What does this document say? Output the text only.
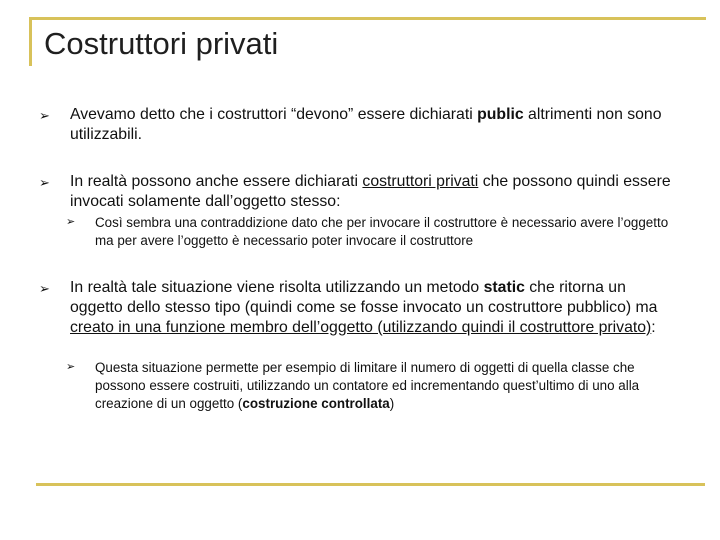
Costruttori privati
➢ Avevamo detto che i costruttori “devono” essere dichiarati public altrimenti non sono utilizzabili.
➢ In realtà possono anche essere dichiarati costruttori privati che possono quindi essere invocati solamente dall’oggetto stesso:
➢ Così sembra una contraddizione dato che per invocare il costruttore è necessario avere l’oggetto ma per avere l’oggetto è necessario poter invocare il costruttore
➢ In realtà tale situazione viene risolta utilizzando un metodo static che ritorna un oggetto dello stesso tipo (quindi come se fosse invocato un costruttore pubblico) ma creato in una funzione membro dell’oggetto (utilizzando quindi il costruttore privato):
➢ Questa situazione permette per esempio di limitare il numero di oggetti di quella classe che possono essere costruiti, utilizzando un contatore ed incrementando quest’ultimo di uno alla creazione di un oggetto (costruzione controllata)
